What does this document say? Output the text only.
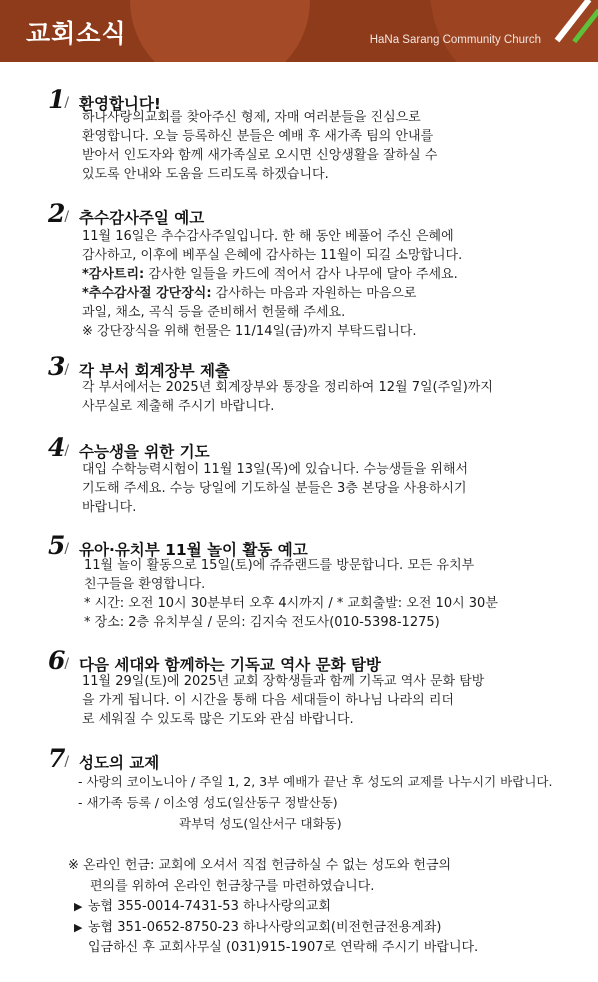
교회소식	HaNa Sarang Community Church
1/ 환영합니다!

하나사랑의교회를 찾아주신 형제, 자매 여러분들을 진심으로

환영합니다. 오늘 등록하신 분들은 예배 후 새가족 팀의 안내를

받아서 인도자와 함께 새가족실로 오시면 신앙생활을 잘하실 수

있도록 안내와 도움을 드리도록 하겠습니다.

2/ 추수감사주일 예고

11월 16일은 추수감사주일입니다. 한 해 동안 베풀어 주신 은혜에

감사하고, 이후에 베푸실 은혜에 감사하는 11월이 되길 소망합니다.

*감사트리: 감사한 일들을 카드에 적어서 감사 나무에 달아 주세요.

*추수감사절 강단장식: 감사하는 마음과 자원하는 마음으로

과일, 채소, 곡식 등을 준비해서 헌물해 주세요.

※ 강단장식을 위해 헌물은 11/14일(금)까지 부탁드립니다.

3/ 각 부서 회계장부 제출

각 부서에서는 2025년 회계장부와 통장을 정리하여 12월 7일(주일)까지

사무실로 제출해 주시기 바랍니다.

4/ 수능생을 위한 기도

대입 수학능력시험이 11월 13일(목)에 있습니다. 수능생들을 위해서

기도해 주세요. 수능 당일에 기도하실 분들은 3층 본당을 사용하시기

바랍니다.

5/ 유아·유치부 11월 놀이 활동 예고

11월 놀이 활동으로 15일(토)에 쥬쥬랜드를 방문합니다. 모든 유치부

친구들을 환영합니다.

* 시간: 오전 10시 30분부터 오후 4시까지 / * 교회출발: 오전 10시 30분

* 장소: 2층 유치부실 / 문의: 김지숙 전도사(010-5398-1275)

6/ 다음 세대와 함께하는 기독교 역사 문화 탐방

11월 29일(토)에 2025년 교회 장학생들과 함께 기독교 역사 문화 탐방

을 가게 됩니다. 이 시간을 통해 다음 세대들이 하나님 나라의 리더

로 세워질 수 있도록 많은 기도와 관심 바랍니다.

7/ 성도의 교제

- 사랑의 코이노니아 / 주일 1, 2, 3부 예배가 끝난 후 성도의 교제를 나누시기 바랍니다.

- 새가족 등록 / 이소영 성도(일산동구 정발산동)

곽부덕 성도(일산서구 대화동)

※ 온라인 헌금: 교회에 오셔서 직접 헌금하실 수 없는 성도와 헌금의

편의를 위하여 온라인 헌금창구를 마련하였습니다.

▶ 농협 355-0014-7431-53 하나사랑의교회

▶ 농협 351-0652-8750-23 하나사랑의교회(비전헌금전용계좌)

입금하신 후 교회사무실 (031)915-1907로 연락해 주시기 바랍니다.
